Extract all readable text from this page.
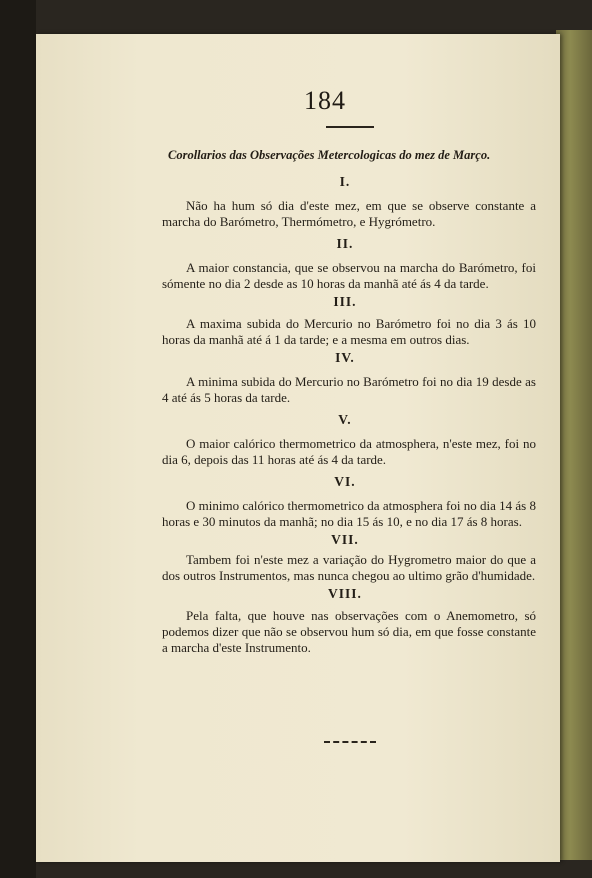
184
Corollarios das Observações Metercologicas do mez de Março.
I.

Não ha hum só dia d'este mez, em que se observe constante a marcha do Barómetro, Thermómetro, e Hygrómetro.

II.

A maior constancia, que se observou na marcha do Barómetro, foi sómente no dia 2 desde as 10 horas da manhã até ás 4 da tarde.

III.

A maxima subida do Mercurio no Barómetro foi no dia 3 ás 10 horas da manhã até á 1 da tarde; e a mesma em outros dias.

IV.

A minima subida do Mercurio no Barómetro foi no dia 19 desde as 4 até ás 5 horas da tarde.

V.

O maior calórico thermometrico da atmosphera, n'este mez, foi no dia 6, depois das 11 horas até ás 4 da tarde.

VI.

O minimo calórico thermometrico da atmosphera foi no dia 14 ás 8 horas e 30 minutos da manhã; no dia 15 ás 10, e no dia 17 ás 8 horas.

VII.

Tambem foi n'este mez a variação do Hygrometro maior do que a dos outros Instrumentos, mas nunca chegou ao ultimo grão d'humidade.

VIII.

Pela falta, que houve nas observações com o Anemometro, só podemos dizer que não se observou hum só dia, em que fosse constante a marcha d'este Instrumento.
